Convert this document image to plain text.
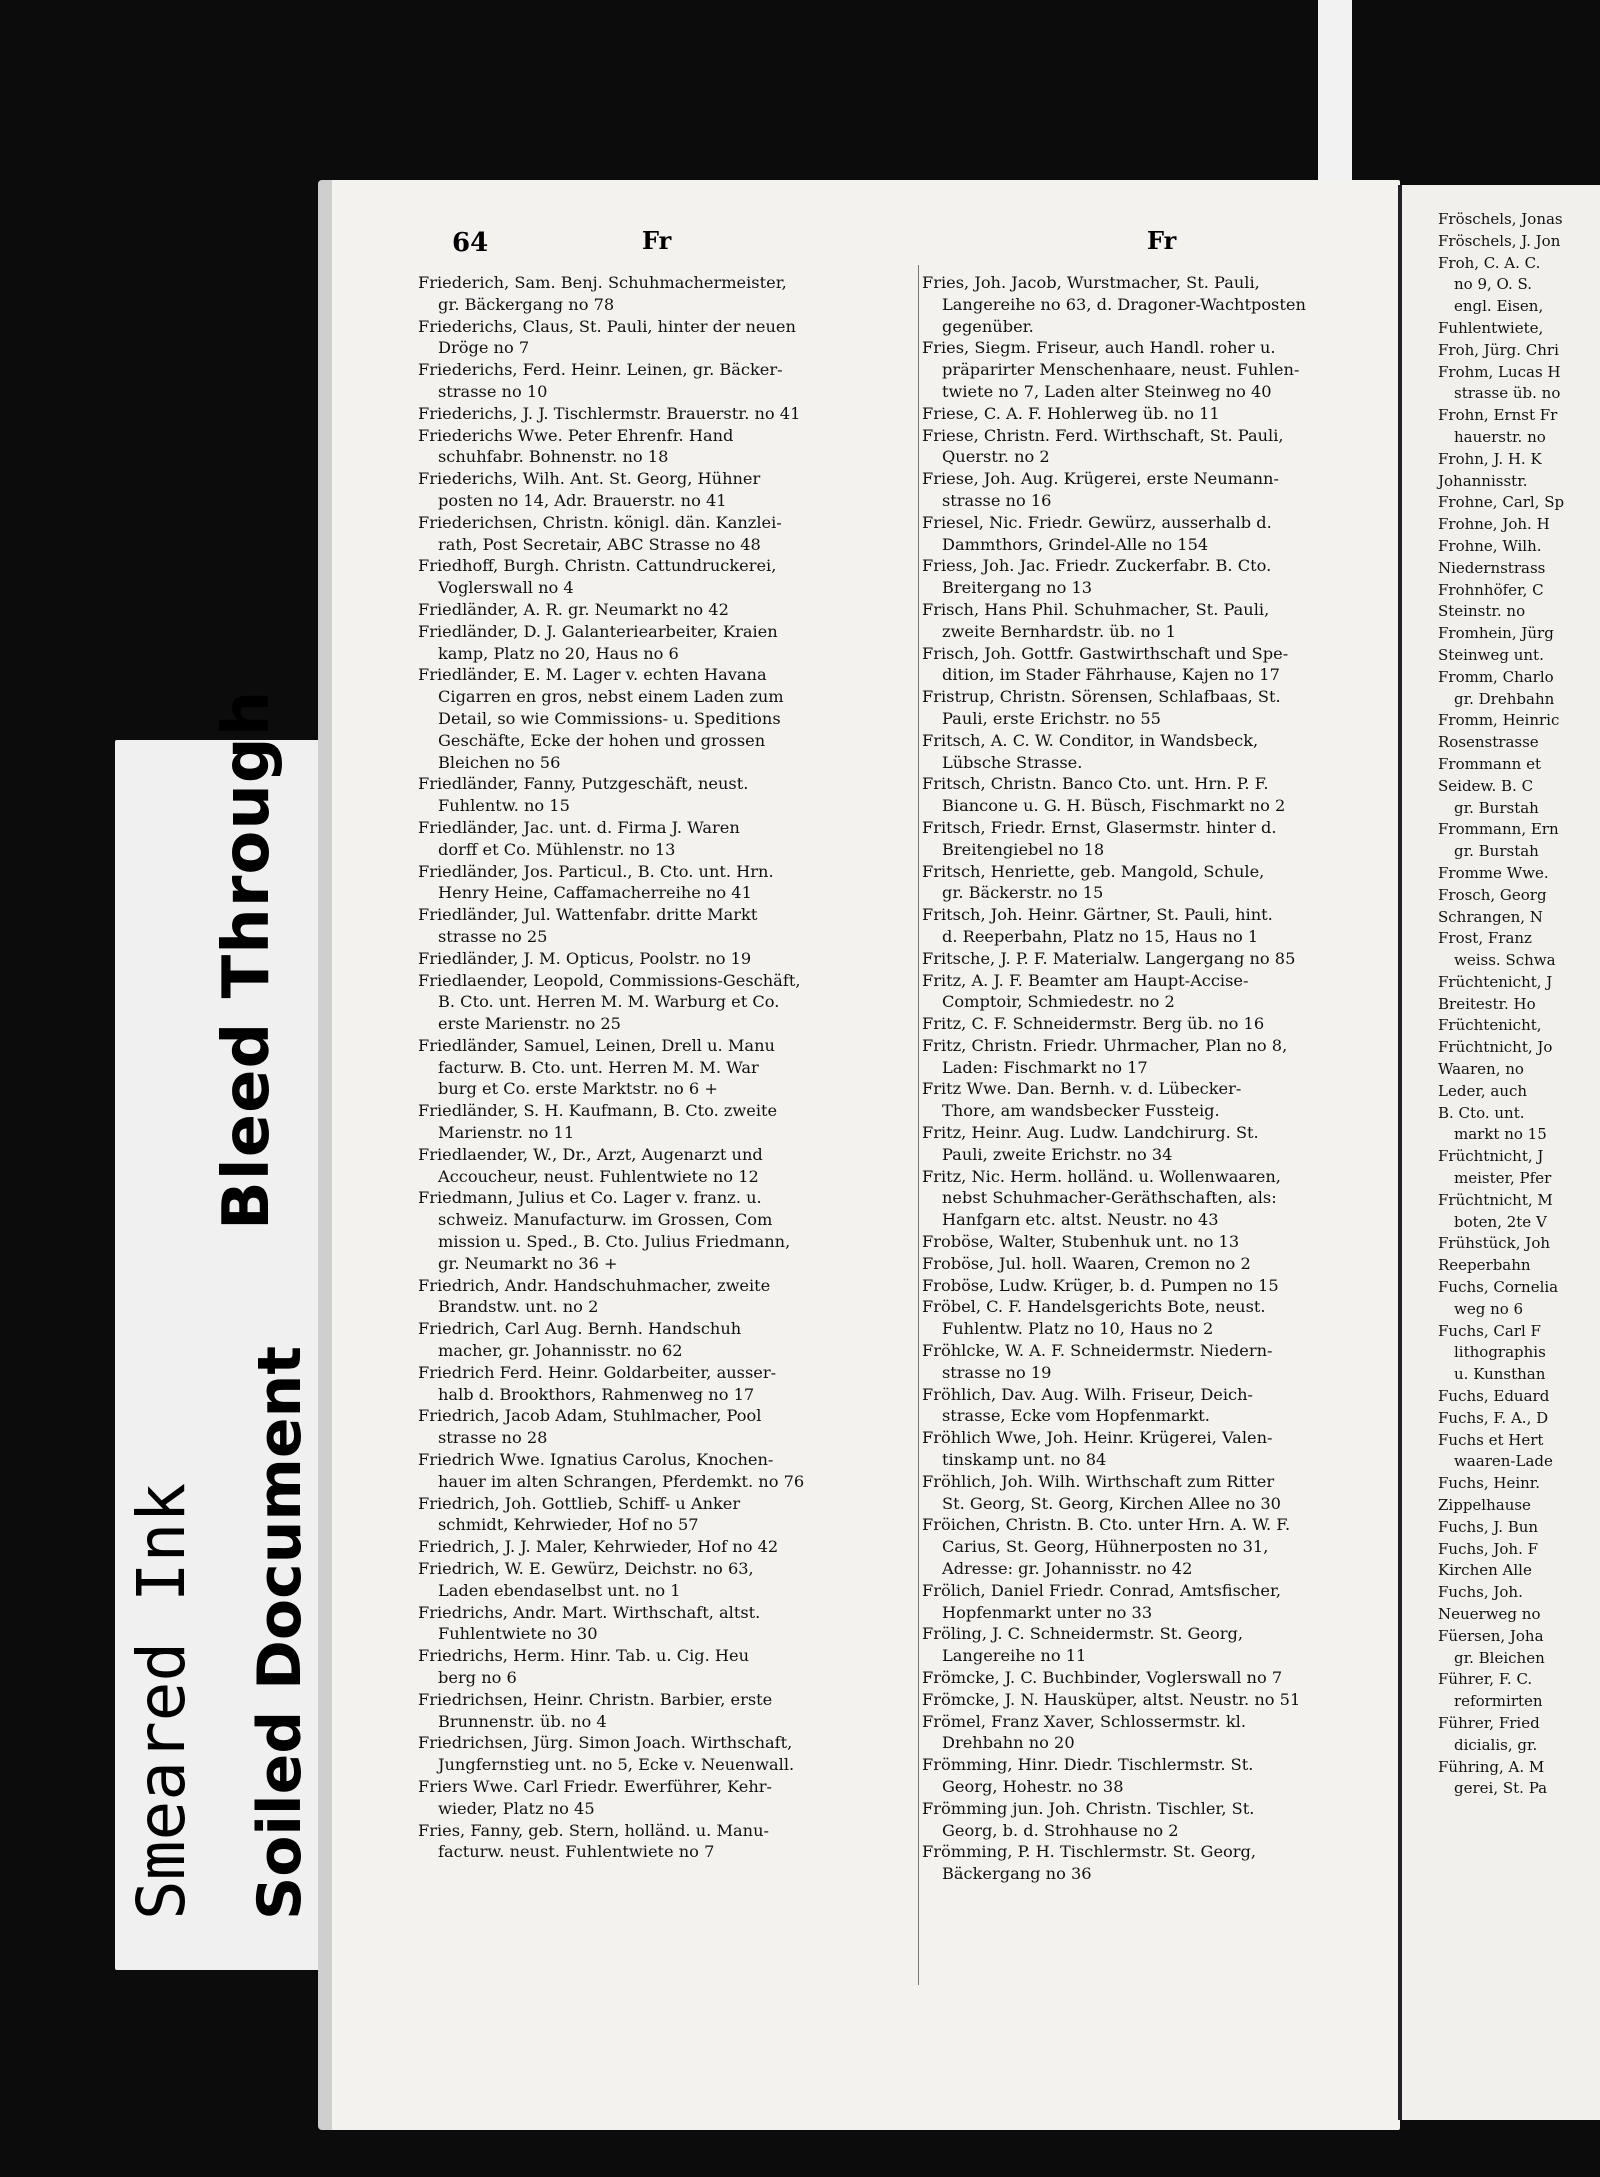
Bleed Through
Soiled Document
Smeared Ink
64	Fr	Fr
Friederich, Sam. Benj. Schuhmachermeister,
gr. Bäckergang no 78
Friederichs, Claus, St. Pauli, hinter der neuen
Dröge no 7
Friederichs, Ferd. Heinr. Leinen, gr. Bäcker-
strasse no 10
Friederichs, J. J. Tischlermstr. Brauerstr. no 41
Friederichs Wwe. Peter Ehrenfr. Hand
schuhfabr. Bohnenstr. no 18
Friederichs, Wilh. Ant. St. Georg, Hühner
posten no 14, Adr. Brauerstr. no 41
Friederichsen, Christn. königl. dän. Kanzlei-
rath, Post Secretair, ABC Strasse no 48
Friedhoff, Burgh. Christn. Cattundruckerei,
Voglerswall no 4
Friedländer, A. R. gr. Neumarkt no 42
Friedländer, D. J. Galanteriearbeiter, Kraien
kamp, Platz no 20, Haus no 6
Friedländer, E. M. Lager v. echten Havana
Cigarren en gros, nebst einem Laden zum
Detail, so wie Commissions- u. Speditions
Geschäfte, Ecke der hohen und grossen
Bleichen no 56
Friedländer, Fanny, Putzgeschäft, neust.
Fuhlentw. no 15
Friedländer, Jac. unt. d. Firma J. Waren
dorff et Co. Mühlenstr. no 13
Friedländer, Jos. Particul., B. Cto. unt. Hrn.
Henry Heine, Caffamacherreihe no 41
Friedländer, Jul. Wattenfabr. dritte Markt
strasse no 25
Friedländer, J. M. Opticus, Poolstr. no 19
Friedlaender, Leopold, Commissions-Geschäft,
B. Cto. unt. Herren M. M. Warburg et Co.
erste Marienstr. no 25
Friedländer, Samuel, Leinen, Drell u. Manu
facturw. B. Cto. unt. Herren M. M. War
burg et Co. erste Marktstr. no 6 +
Friedländer, S. H. Kaufmann, B. Cto. zweite
Marienstr. no 11
Friedlaender, W., Dr., Arzt, Augenarzt und
Accoucheur, neust. Fuhlentwiete no 12
Friedmann, Julius et Co. Lager v. franz. u.
schweiz. Manufacturw. im Grossen, Com
mission u. Sped., B. Cto. Julius Friedmann,
gr. Neumarkt no 36 +
Friedrich, Andr. Handschuhmacher, zweite
Brandstw. unt. no 2
Friedrich, Carl Aug. Bernh. Handschuh
macher, gr. Johannisstr. no 62
Friedrich Ferd. Heinr. Goldarbeiter, ausser-
halb d. Brookthors, Rahmenweg no 17
Friedrich, Jacob Adam, Stuhlmacher, Pool
strasse no 28
Friedrich Wwe. Ignatius Carolus, Knochen-
hauer im alten Schrangen, Pferdemkt. no 76
Friedrich, Joh. Gottlieb, Schiff- u Anker
schmidt, Kehrwieder, Hof no 57
Friedrich, J. J. Maler, Kehrwieder, Hof no 42
Friedrich, W. E. Gewürz, Deichstr. no 63,
Laden ebendaselbst unt. no 1
Friedrichs, Andr. Mart. Wirthschaft, altst.
Fuhlentwiete no 30
Friedrichs, Herm. Hinr. Tab. u. Cig. Heu
berg no 6
Friedrichsen, Heinr. Christn. Barbier, erste
Brunnenstr. üb. no 4
Friedrichsen, Jürg. Simon Joach. Wirthschaft,
Jungfernstieg unt. no 5, Ecke v. Neuenwall.
Friers Wwe. Carl Friedr. Ewerführer, Kehr-
wieder, Platz no 45
Fries, Fanny, geb. Stern, holländ. u. Manu-
facturw. neust. Fuhlentwiete no 7
Fries, Joh. Jacob, Wurstmacher, St. Pauli,
Langereihe no 63, d. Dragoner-Wachtposten
gegenüber.
Fries, Siegm. Friseur, auch Handl. roher u.
präparirter Menschenhaare, neust. Fuhlen-
twiete no 7, Laden alter Steinweg no 40
Friese, C. A. F. Hohlerweg üb. no 11
Friese, Christn. Ferd. Wirthschaft, St. Pauli,
Querstr. no 2
Friese, Joh. Aug. Krügerei, erste Neumann-
strasse no 16
Friesel, Nic. Friedr. Gewürz, ausserhalb d.
Dammthors, Grindel-Alle no 154
Friess, Joh. Jac. Friedr. Zuckerfabr. B. Cto.
Breitergang no 13
Frisch, Hans Phil. Schuhmacher, St. Pauli,
zweite Bernhardstr. üb. no 1
Frisch, Joh. Gottfr. Gastwirthschaft und Spe-
dition, im Stader Fährhause, Kajen no 17
Fristrup, Christn. Sörensen, Schlafbaas, St.
Pauli, erste Erichstr. no 55
Fritsch, A. C. W. Conditor, in Wandsbeck,
Lübsche Strasse.
Fritsch, Christn. Banco Cto. unt. Hrn. P. F.
Biancone u. G. H. Büsch, Fischmarkt no 2
Fritsch, Friedr. Ernst, Glasermstr. hinter d.
Breitengiebel no 18
Fritsch, Henriette, geb. Mangold, Schule,
gr. Bäckerstr. no 15
Fritsch, Joh. Heinr. Gärtner, St. Pauli, hint.
d. Reeperbahn, Platz no 15, Haus no 1
Fritsche, J. P. F. Materialw. Langergang no 85
Fritz, A. J. F. Beamter am Haupt-Accise-
Comptoir, Schmiedestr. no 2
Fritz, C. F. Schneidermstr. Berg üb. no 16
Fritz, Christn. Friedr. Uhrmacher, Plan no 8,
Laden: Fischmarkt no 17
Fritz Wwe. Dan. Bernh. v. d. Lübecker-
Thore, am wandsbecker Fussteig.
Fritz, Heinr. Aug. Ludw. Landchirurg. St.
Pauli, zweite Erichstr. no 34
Fritz, Nic. Herm. holländ. u. Wollenwaaren,
nebst Schuhmacher-Geräthschaften, als:
Hanfgarn etc. altst. Neustr. no 43
Froböse, Walter, Stubenhuk unt. no 13
Froböse, Jul. holl. Waaren, Cremon no 2
Froböse, Ludw. Krüger, b. d. Pumpen no 15
Fröbel, C. F. Handelsgerichts Bote, neust.
Fuhlentw. Platz no 10, Haus no 2
Fröhlcke, W. A. F. Schneidermstr. Niedern-
strasse no 19
Fröhlich, Dav. Aug. Wilh. Friseur, Deich-
strasse, Ecke vom Hopfenmarkt.
Fröhlich Wwe, Joh. Heinr. Krügerei, Valen-
tinskamp unt. no 84
Fröhlich, Joh. Wilh. Wirthschaft zum Ritter
St. Georg, St. Georg, Kirchen Allee no 30
Fröichen, Christn. B. Cto. unter Hrn. A. W. F.
Carius, St. Georg, Hühnerposten no 31,
Adresse: gr. Johannisstr. no 42
Frölich, Daniel Friedr. Conrad, Amtsfischer,
Hopfenmarkt unter no 33
Fröling, J. C. Schneidermstr. St. Georg,
Langereihe no 11
Frömcke, J. C. Buchbinder, Voglerswall no 7
Frömcke, J. N. Hausküper, altst. Neustr. no 51
Frömel, Franz Xaver, Schlossermstr. kl.
Drehbahn no 20
Frömming, Hinr. Diedr. Tischlermstr. St.
Georg, Hohestr. no 38
Frömming jun. Joh. Christn. Tischler, St.
Georg, b. d. Strohhause no 2
Frömming, P. H. Tischlermstr. St. Georg,
Bäckergang no 36
Fröschels, Jonas
Fröschels, J. Jon
Froh, C. A. C.
no 9, O. S.
engl. Eisen,
Fuhlentwiete,
Froh, Jürg. Chri
Frohm, Lucas H
strasse üb. no
Frohn, Ernst Fr
hauerstr. no
Frohn, J. H. K
Johannisstr.
Frohne, Carl, Sp
Frohne, Joh. H
Frohne, Wilh.
Niedernstrass
Frohnhöfer, C
Steinstr. no
Fromhein, Jürg
Steinweg unt.
Fromm, Charlo
gr. Drehbahn
Fromm, Heinric
Rosenstrasse
Frommann et
Seidew. B. C
gr. Burstah
Frommann, Ern
gr. Burstah
Fromme Wwe.
Frosch, Georg
Schrangen, N
Frost, Franz
weiss. Schwa
Früchtenicht, J
Breitestr. Ho
Früchtenicht,
Früchtnicht, Jo
Waaren, no
Leder, auch
B. Cto. unt.
markt no 15
Früchtnicht, J
meister, Pfer
Früchtnicht, M
boten, 2te V
Frühstück, Joh
Reeperbahn
Fuchs, Cornelia
weg no 6
Fuchs, Carl F
lithographis
u. Kunsthan
Fuchs, Eduard
Fuchs, F. A., D
Fuchs et Hert
waaren-Lade
Fuchs, Heinr.
Zippelhause
Fuchs, J. Bun
Fuchs, Joh. F
Kirchen Alle
Fuchs, Joh.
Neuerweg no
Füersen, Joha
gr. Bleichen
Führer, F. C.
reformirten
Führer, Fried
dicialis, gr.
Führing, A. M
gerei, St. Pa
